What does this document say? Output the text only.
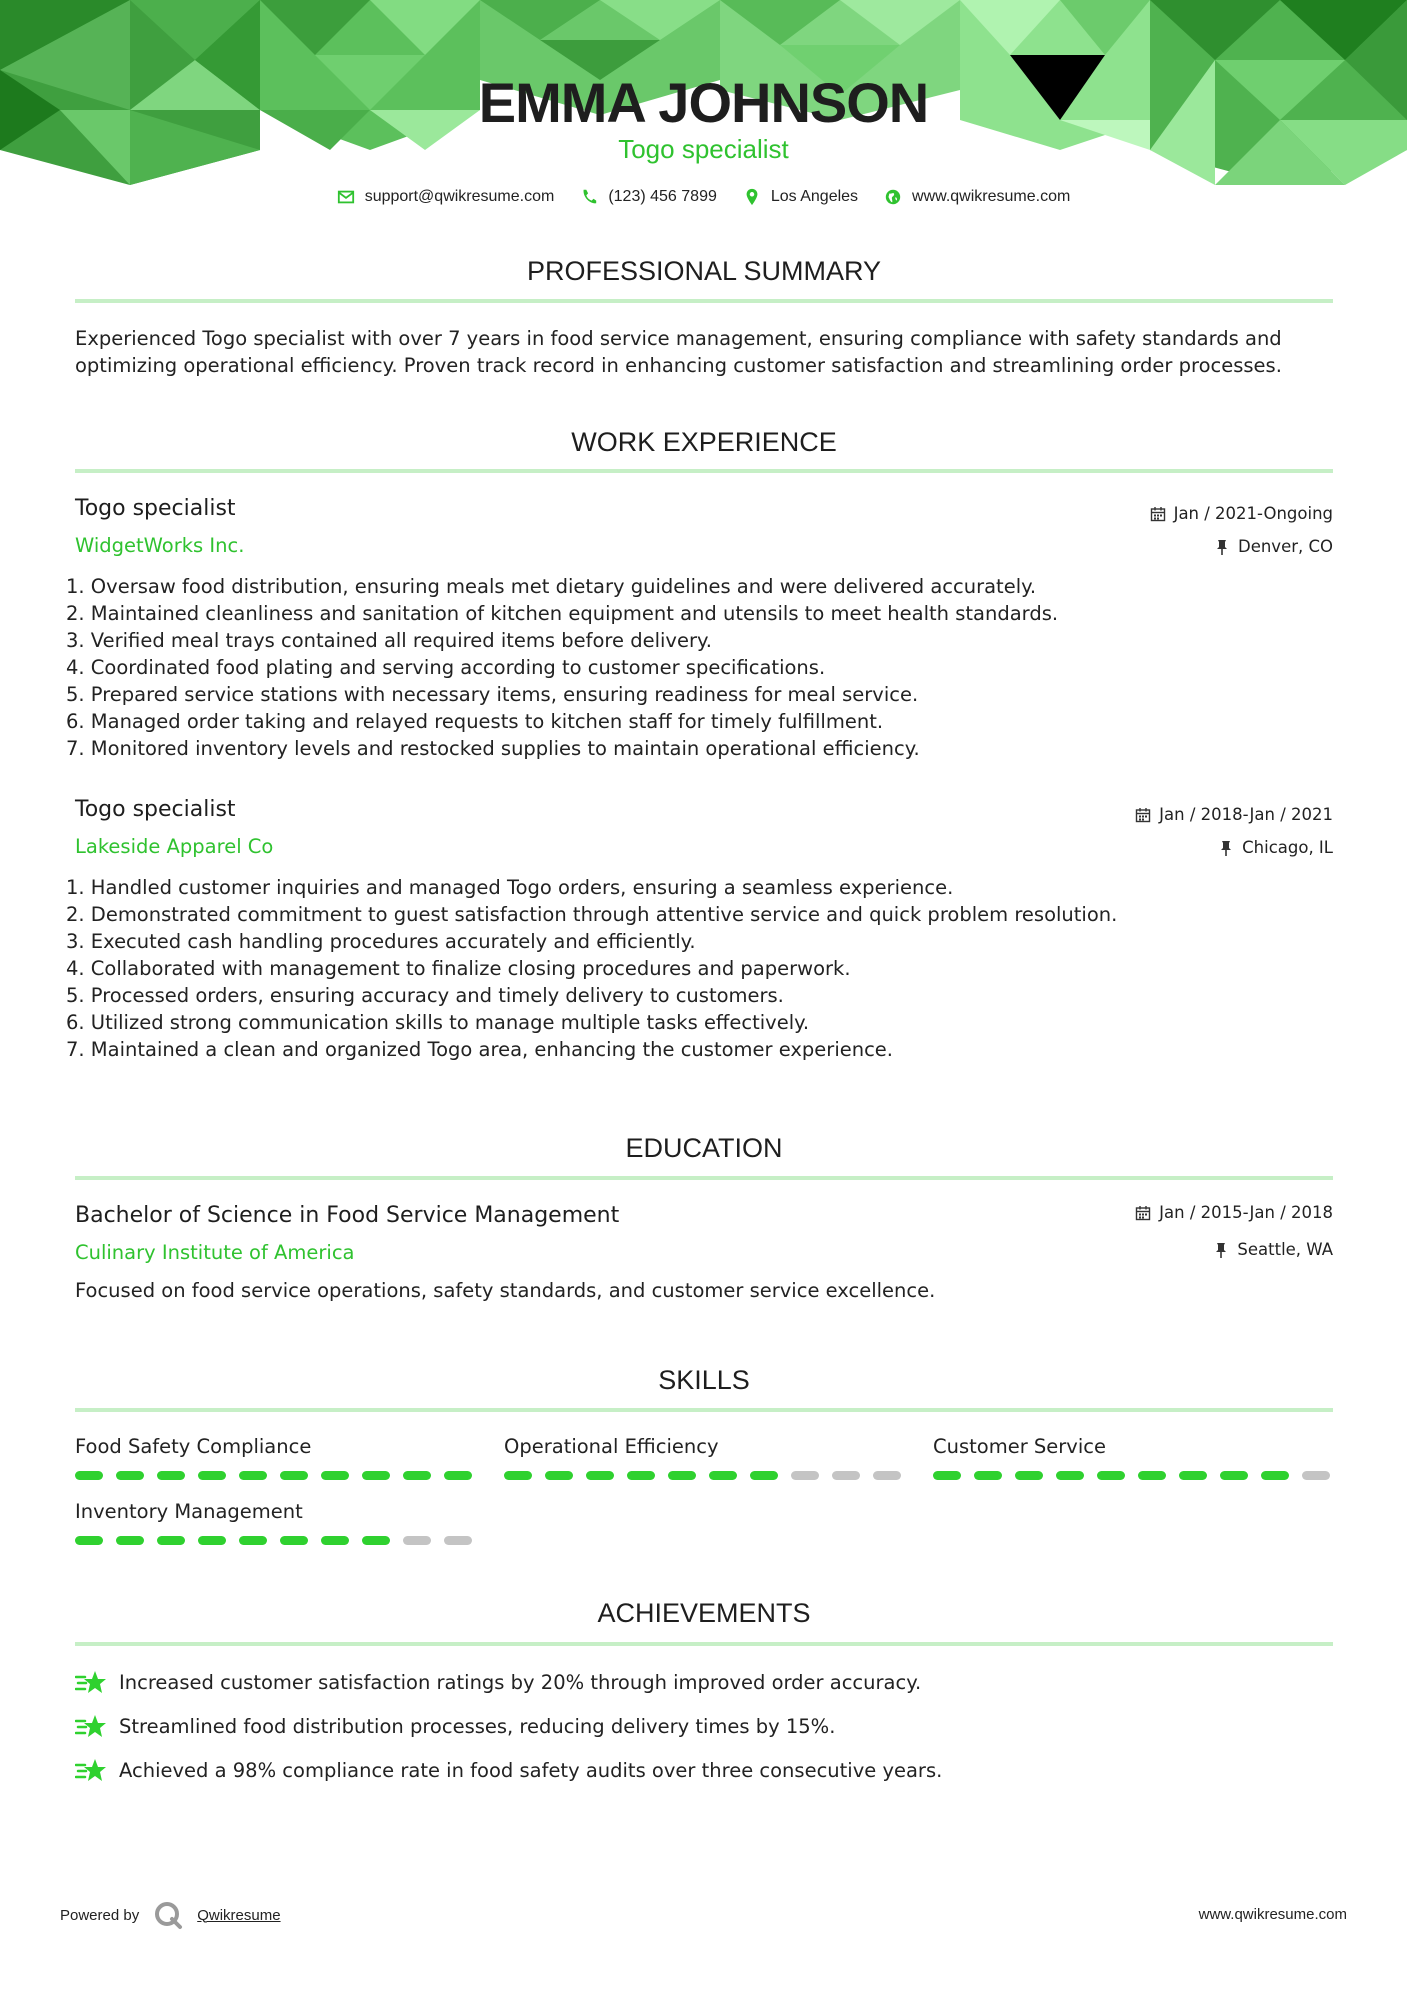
EMMA JOHNSON
Togo specialist
support@qwikresume.com	(123) 456 7899	Los Angeles	www.qwikresume.com
PROFESSIONAL SUMMARY
Experienced Togo specialist with over 7 years in food service management, ensuring compliance with safety standards and optimizing operational efficiency. Proven track record in enhancing customer satisfaction and streamlining order processes.
WORK EXPERIENCE
Togo specialist
WidgetWorks Inc.
Jan / 2021-Ongoing
Denver, CO
1. Oversaw food distribution, ensuring meals met dietary guidelines and were delivered accurately.
2. Maintained cleanliness and sanitation of kitchen equipment and utensils to meet health standards.
3. Verified meal trays contained all required items before delivery.
4. Coordinated food plating and serving according to customer specifications.
5. Prepared service stations with necessary items, ensuring readiness for meal service.
6. Managed order taking and relayed requests to kitchen staff for timely fulfillment.
7. Monitored inventory levels and restocked supplies to maintain operational efficiency.
Togo specialist
Lakeside Apparel Co
Jan / 2018-Jan / 2021
Chicago, IL
1. Handled customer inquiries and managed Togo orders, ensuring a seamless experience.
2. Demonstrated commitment to guest satisfaction through attentive service and quick problem resolution.
3. Executed cash handling procedures accurately and efficiently.
4. Collaborated with management to finalize closing procedures and paperwork.
5. Processed orders, ensuring accuracy and timely delivery to customers.
6. Utilized strong communication skills to manage multiple tasks effectively.
7. Maintained a clean and organized Togo area, enhancing the customer experience.
EDUCATION
Bachelor of Science in Food Service Management
Culinary Institute of America
Jan / 2015-Jan / 2018
Seattle, WA
Focused on food service operations, safety standards, and customer service excellence.
SKILLS
Food Safety Compliance	Operational Efficiency	Customer Service
Inventory Management
ACHIEVEMENTS
Increased customer satisfaction ratings by 20% through improved order accuracy.
Streamlined food distribution processes, reducing delivery times by 15%.
Achieved a 98% compliance rate in food safety audits over three consecutive years.
Powered by	Qwikresume	www.qwikresume.com
